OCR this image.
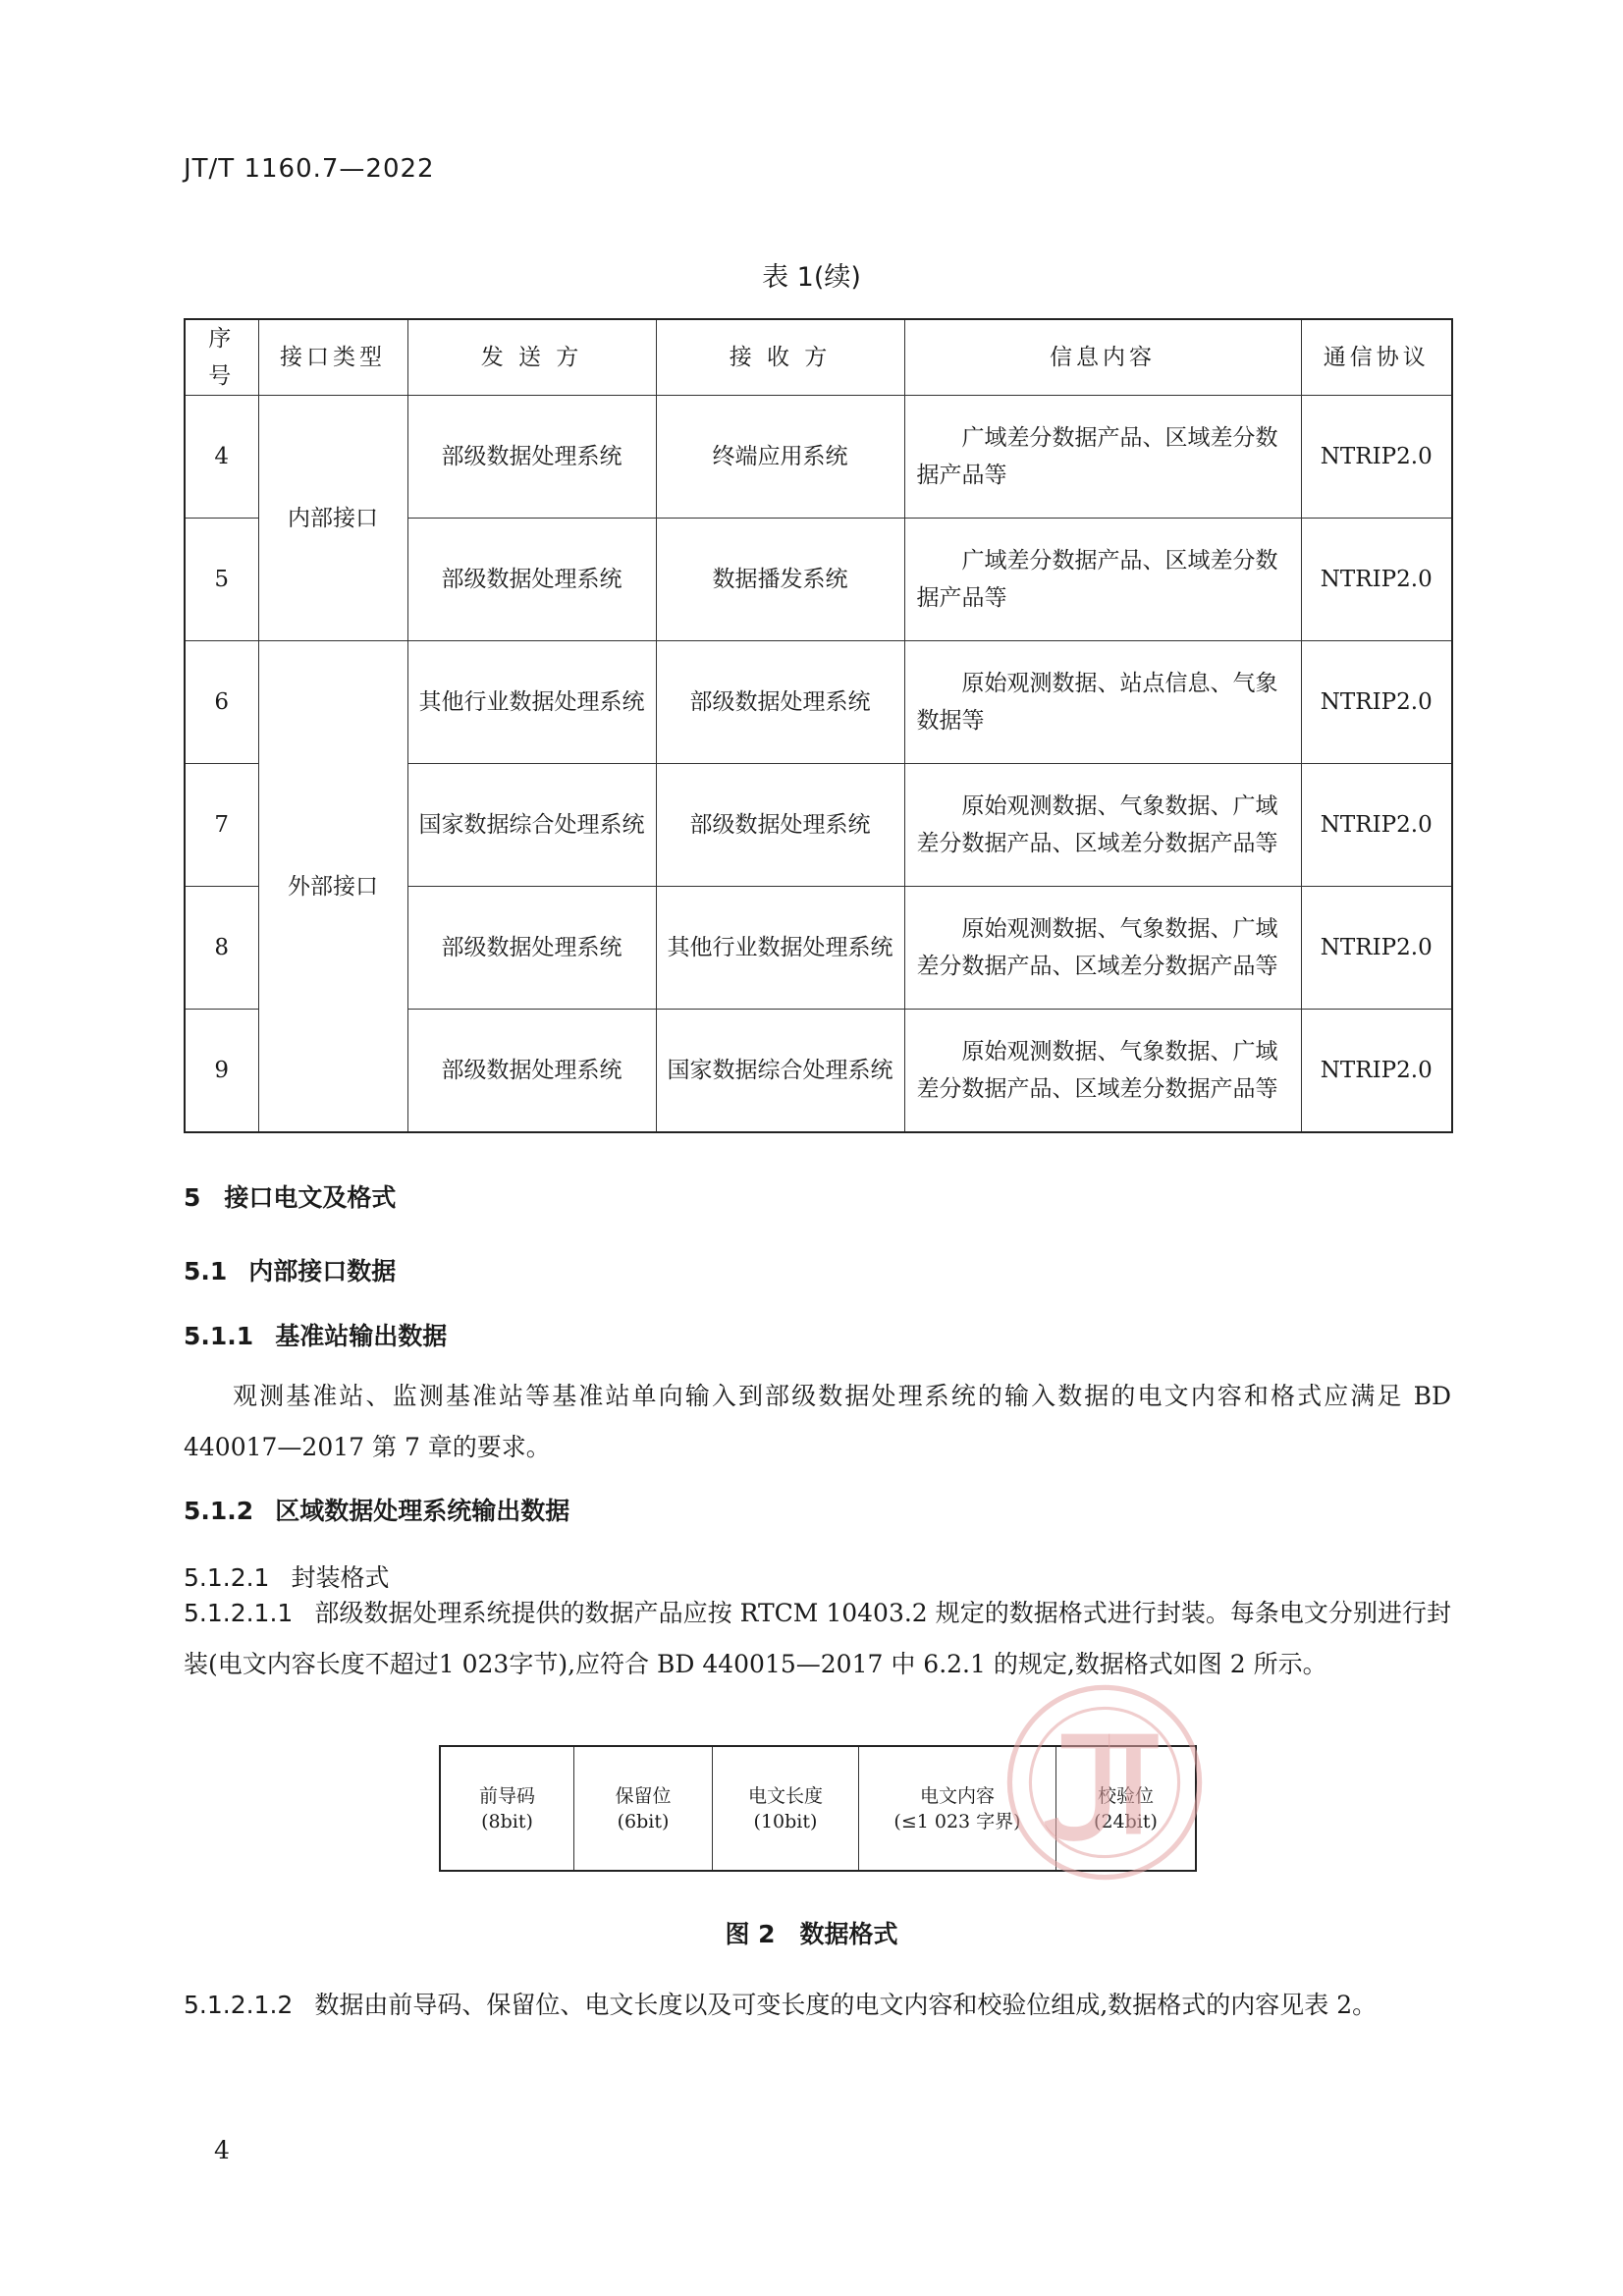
JT/T 1160.7—2022
表 1(续)
序号	接口类型	发 送 方	接 收 方	信息内容	通信协议
4	内部接口	部级数据处理系统	终端应用系统	广域差分数据产品、区域差分数据产品等	NTRIP2.0
5		部级数据处理系统	数据播发系统	广域差分数据产品、区域差分数据产品等	NTRIP2.0
6	外部接口	其他行业数据处理系统	部级数据处理系统	原始观测数据、站点信息、气象数据等	NTRIP2.0
7		国家数据综合处理系统	部级数据处理系统	原始观测数据、气象数据、广域差分数据产品、区域差分数据产品等	NTRIP2.0
8		部级数据处理系统	其他行业数据处理系统	原始观测数据、气象数据、广域差分数据产品、区域差分数据产品等	NTRIP2.0
9		部级数据处理系统	国家数据综合处理系统	原始观测数据、气象数据、广域差分数据产品、区域差分数据产品等	NTRIP2.0
5 接口电文及格式
5.1 内部接口数据
5.1.1 基准站输出数据
观测基准站、监测基准站等基准站单向输入到部级数据处理系统的输入数据的电文内容和格式应满足 BD 440017—2017 第 7 章的要求。
5.1.2 区域数据处理系统输出数据
5.1.2.1 封装格式
5.1.2.1.1 部级数据处理系统提供的数据产品应按 RTCM 10403.2 规定的数据格式进行封装。每条电文分别进行封装(电文内容长度不超过1 023字节),应符合 BD 440015—2017 中 6.2.1 的规定,数据格式如图 2 所示。
前导码
(8bit)
保留位
(6bit)
电文长度
(10bit)
电文内容
(≤1 023 字界)
校验位
(24bit)
图 2　数据格式
5.1.2.1.2 数据由前导码、保留位、电文长度以及可变长度的电文内容和校验位组成,数据格式的内容见表 2。
4
